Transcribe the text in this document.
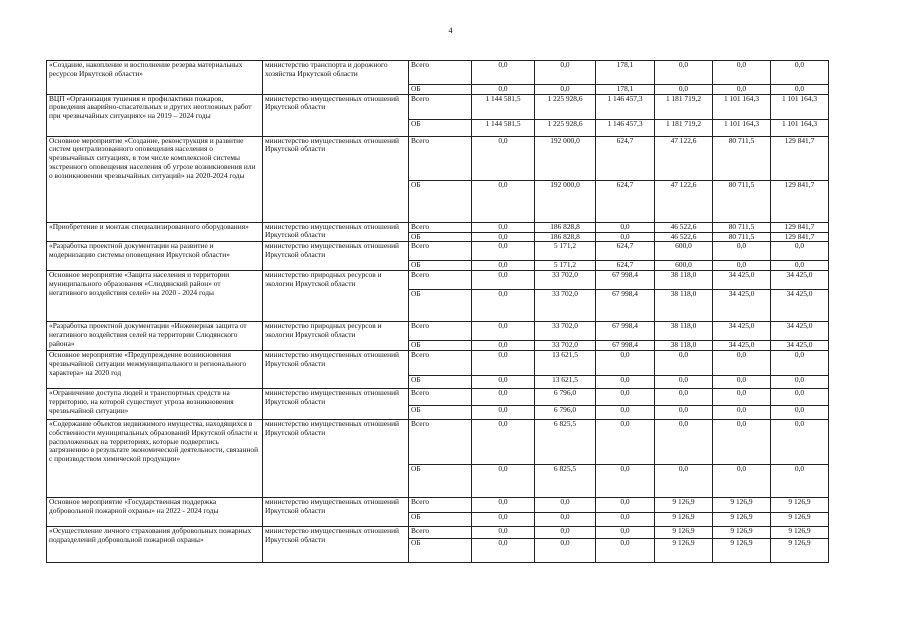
4
«Создание, накопление и восполнение резерва материальных ресурсов Иркутской области»	министерство транспорта и дорожного хозяйства Иркутской области	Всего	0,0	0,0	178,1	0,0	0,0	0,0
		ОБ	0,0	0,0	178,1	0,0	0,0	0,0
ВЦП «Организация тушения и профилактики пожаров, проведения аварийно-спасательных и других неотложных работ при чрезвычайных ситуациях» на 2019 – 2024 годы	министерство имущественных отношений Иркутской области	Всего	1 144 581,5	1 225 928,6	1 146 457,3	1 181 719,2	1 101 164,3	1 101 164,3
		ОБ	1 144 581,5	1 225 928,6	1 146 457,3	1 181 719,2	1 101 164,3	1 101 164,3
Основное мероприятие «Создание, реконструкция и развитие систем централизованного оповещения населения о чрезвычайных ситуациях, в том числе комплексной системы экстренного оповещения населения об угрозе возникновения или о возникновении чрезвычайных ситуаций» на 2020-2024 годы	министерство имущественных отношений Иркутской области	Всего	0,0	192 000,0	624,7	47 122,6	80 711,5	129 841,7
		ОБ	0,0	192 000,0	624,7	47 122,6	80 711,5	129 841,7
«Приобретение и монтаж специализированного оборудования»	министерство имущественных отношений Иркутской области	Всего	0,0	186 828,8	0,0	46 522,6	80 711,5	129 841,7
		ОБ	0,0	186 828,8	0,0	46 522,6	80 711,5	129 841,7
«Разработка проектной документации на развитие и модернизацию системы оповещения Иркутской области»	министерство имущественных отношений Иркутской области	Всего	0,0	5 171,2	624,7	600,0	0,0	0,0
		ОБ	0,0	5 171,2	624,7	600,0	0,0	0,0
Основное мероприятие «Защита населения и территории муниципального образования «Слюдянский район» от негативного воздействия селей» на 2020 - 2024 годы	министерство природных ресурсов и экологии Иркутской области	Всего	0,0	33 702,0	67 998,4	38 118,0	34 425,0	34 425,0
		ОБ	0,0	33 702,0	67 998,4	38 118,0	34 425,0	34 425,0
«Разработка проектной документации «Инженерная защита от негативного воздействия селей на территории Слюдянского района»	министерство природных ресурсов и экологии Иркутской области	Всего	0,0	33 702,0	67 998,4	38 118,0	34 425,0	34 425,0
		ОБ	0,0	33 702,0	67 998,4	38 118,0	34 425,0	34 425,0
Основное мероприятие «Предупреждение возникновения чрезвычайной ситуации межмуниципального и регионального характера» на 2020 год	министерство имущественных отношений Иркутской области	Всего	0,0	13 621,5	0,0	0,0	0,0	0,0
		ОБ	0,0	13 621,5	0,0	0,0	0,0	0,0
«Ограничение доступа людей и транспортных средств на территорию, на которой существует угроза возникновения чрезвычайной ситуации»	министерство имущественных отношений Иркутской области	Всего	0,0	6 796,0	0,0	0,0	0,0	0,0
		ОБ	0,0	6 796,0	0,0	0,0	0,0	0,0
«Содержание объектов недвижимого имущества, находящихся в собственности муниципальных образований Иркутской области и расположенных на территориях, которые подверглись загрязнению в результате экономической деятельности, связанной с производством химической продукции»	министерство имущественных отношений Иркутской области	Всего	0,0	6 825,5	0,0	0,0	0,0	0,0
		ОБ	0,0	6 825,5	0,0	0,0	0,0	0,0
Основное мероприятие «Государственная поддержка добровольной пожарной охраны» на 2022 - 2024 годы	министерство имущественных отношений Иркутской области	Всего	0,0	0,0	0,0	9 126,9	9 126,9	9 126,9
		ОБ	0,0	0,0	0,0	9 126,9	9 126,9	9 126,9
«Осуществление личного страхования добровольных пожарных подразделений добровольной пожарной охраны»	министерство имущественных отношений Иркутской области	Всего	0,0	0,0	0,0	9 126,9	9 126,9	9 126,9
		ОБ	0,0	0,0	0,0	9 126,9	9 126,9	9 126,9
